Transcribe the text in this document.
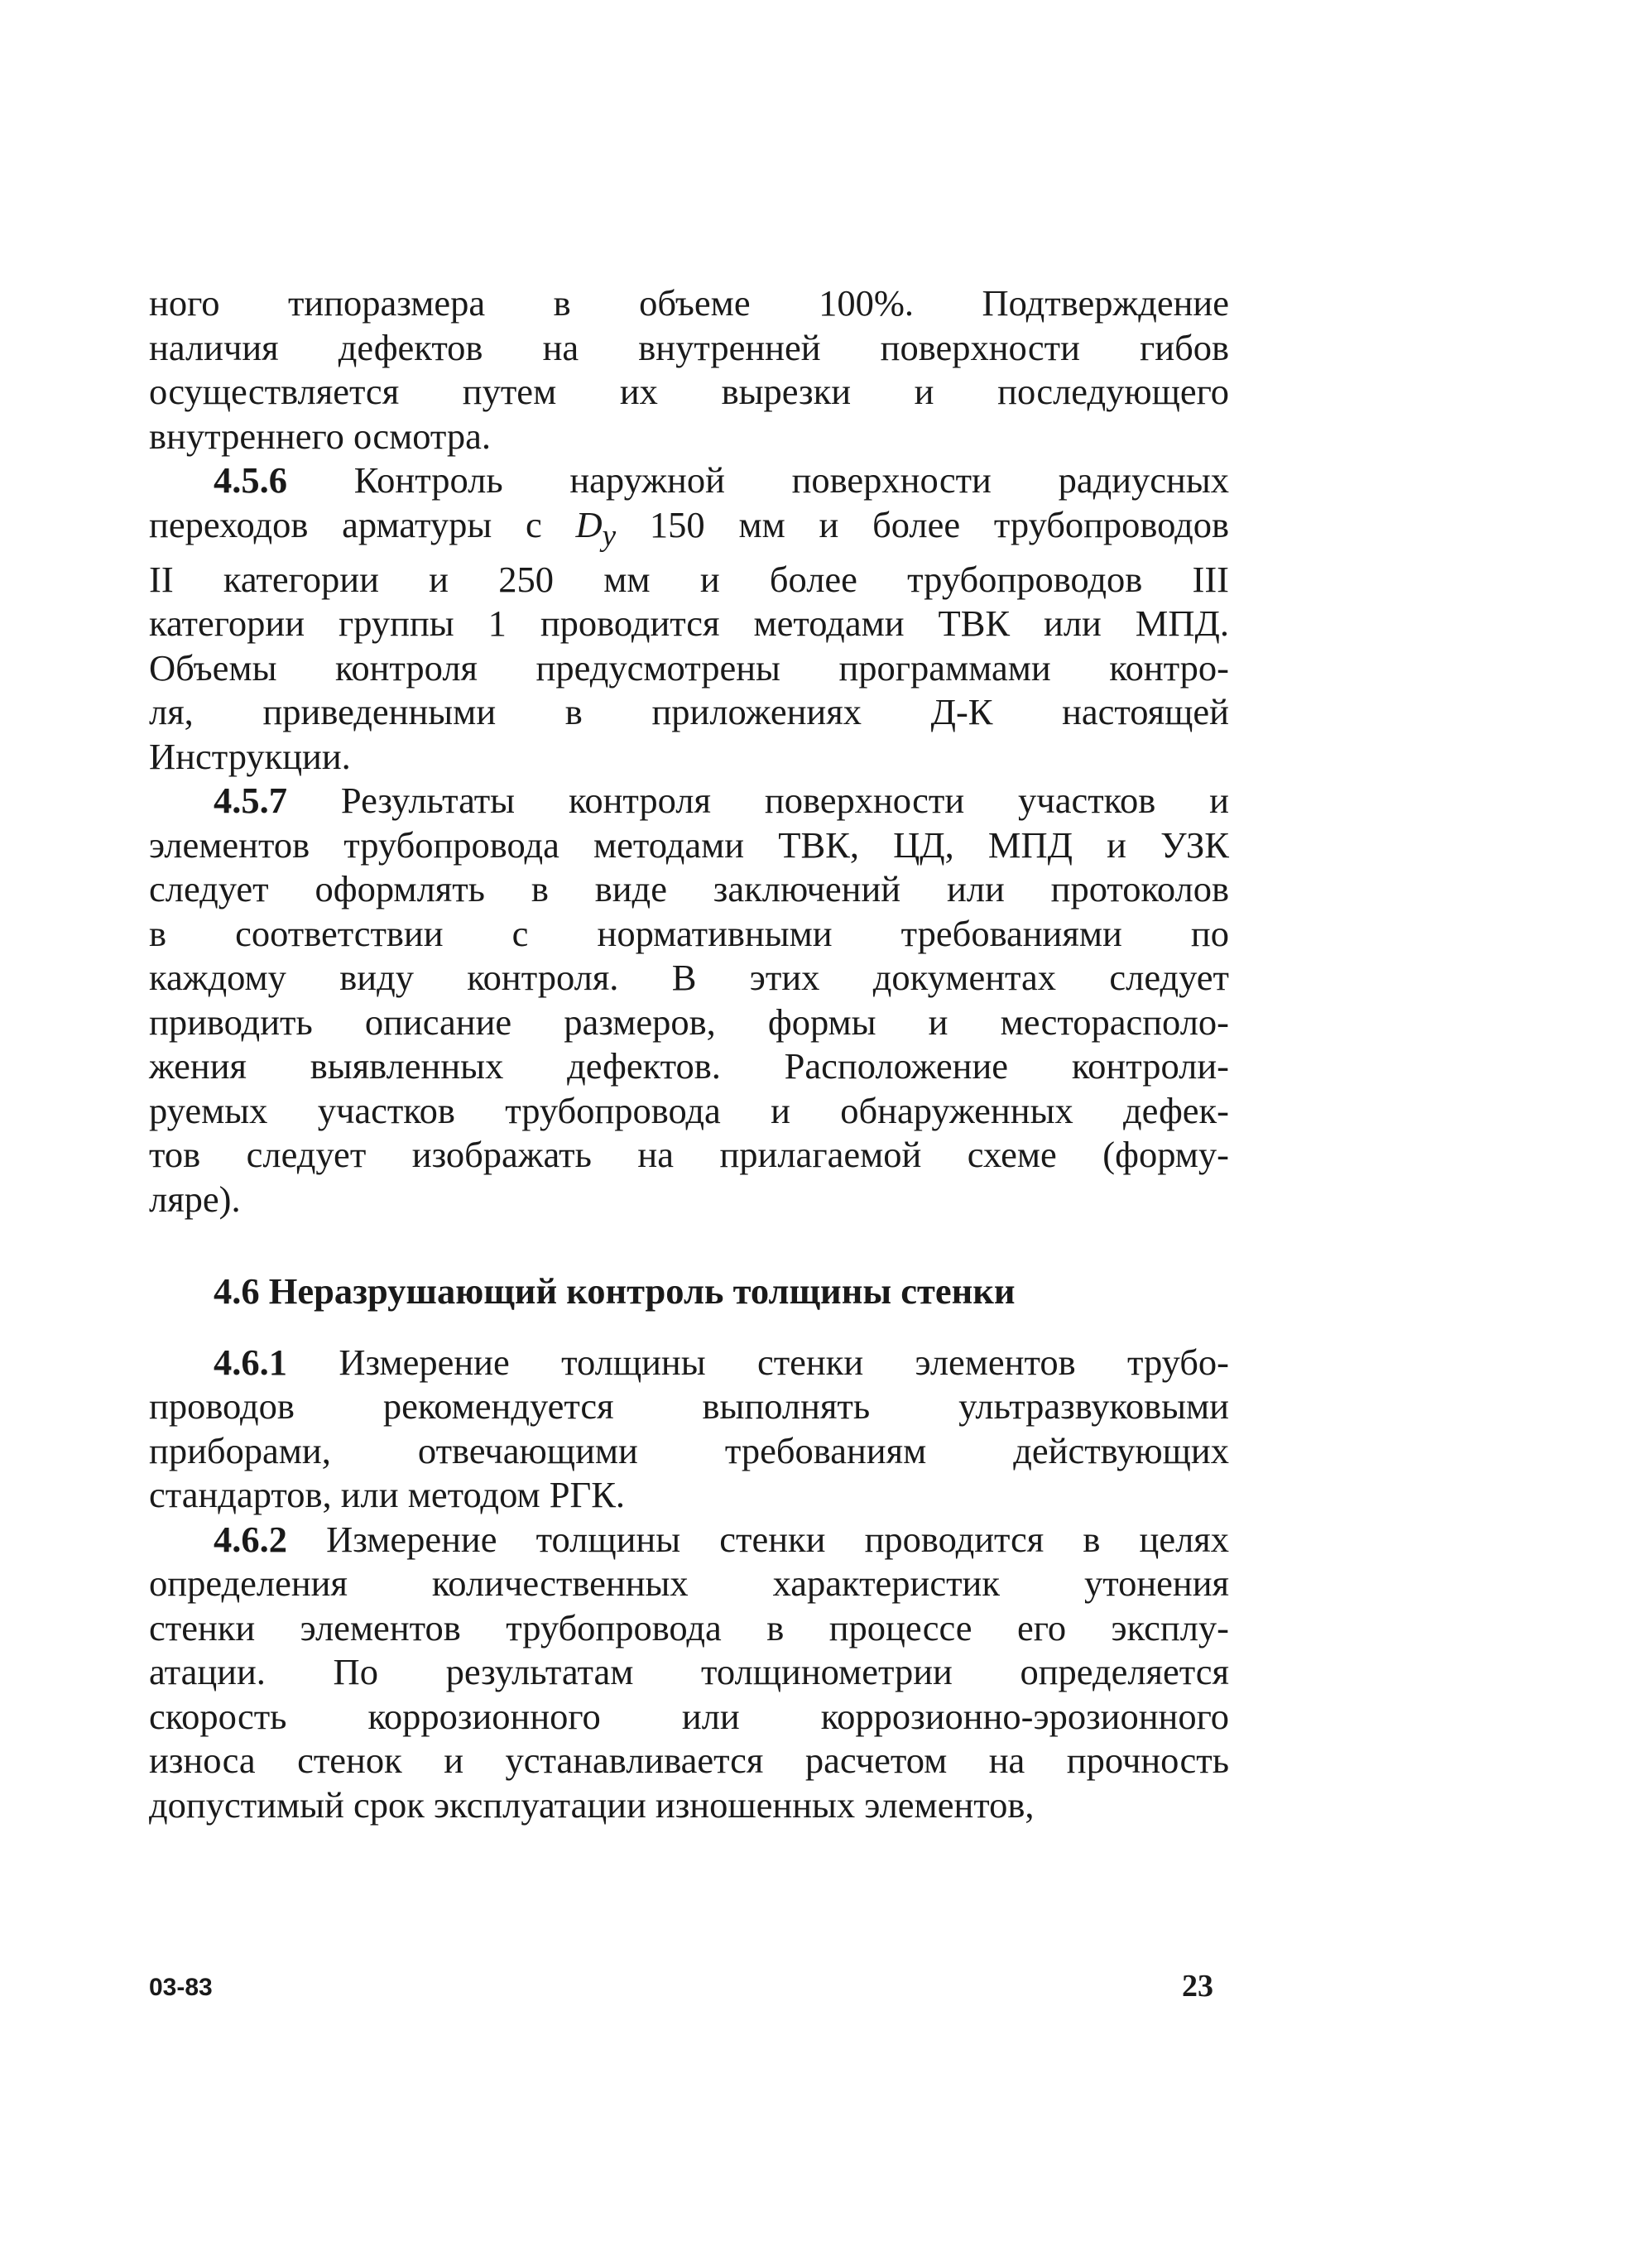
ного типоразмера в объеме 100%. Подтверждение
наличия дефектов на внутренней поверхности гибов
осуществляется путем их вырезки и последующего
внутреннего осмотра.
4.5.6 Контроль наружной поверхности радиусных
переходов арматуры с $D_у$ 150 мм и более трубопроводов
II категории и 250 мм и более трубопроводов III
категории группы 1 проводится методами ТВК или МПД.
Объемы контроля предусмотрены программами контро-
ля, приведенными в приложениях Д-К настоящей
Инструкции.
4.5.7 Результаты контроля поверхности участков и
элементов трубопровода методами ТВК, ЦД, МПД и УЗК
следует оформлять в виде заключений или протоколов
в соответствии с нормативными требованиями по
каждому виду контроля. В этих документах следует
приводить описание размеров, формы и месторасполо-
жения выявленных дефектов. Расположение контроли-
руемых участков трубопровода и обнаруженных дефек-
тов следует изображать на прилагаемой схеме (форму-
ляре).
4.6 Неразрушающий контроль толщины стенки
4.6.1 Измерение толщины стенки элементов трубо-
проводов рекомендуется выполнять ультразвуковыми
приборами, отвечающими требованиям действующих
стандартов, или методом РГК.
4.6.2 Измерение толщины стенки проводится в целях
определения количественных характеристик утонения
стенки элементов трубопровода в процессе его эксплу-
атации. По результатам толщинометрии определяется
скорость коррозионного или коррозионно-эрозионного
износа стенок и устанавливается расчетом на прочность
допустимый срок эксплуатации изношенных элементов,
03-83	23
